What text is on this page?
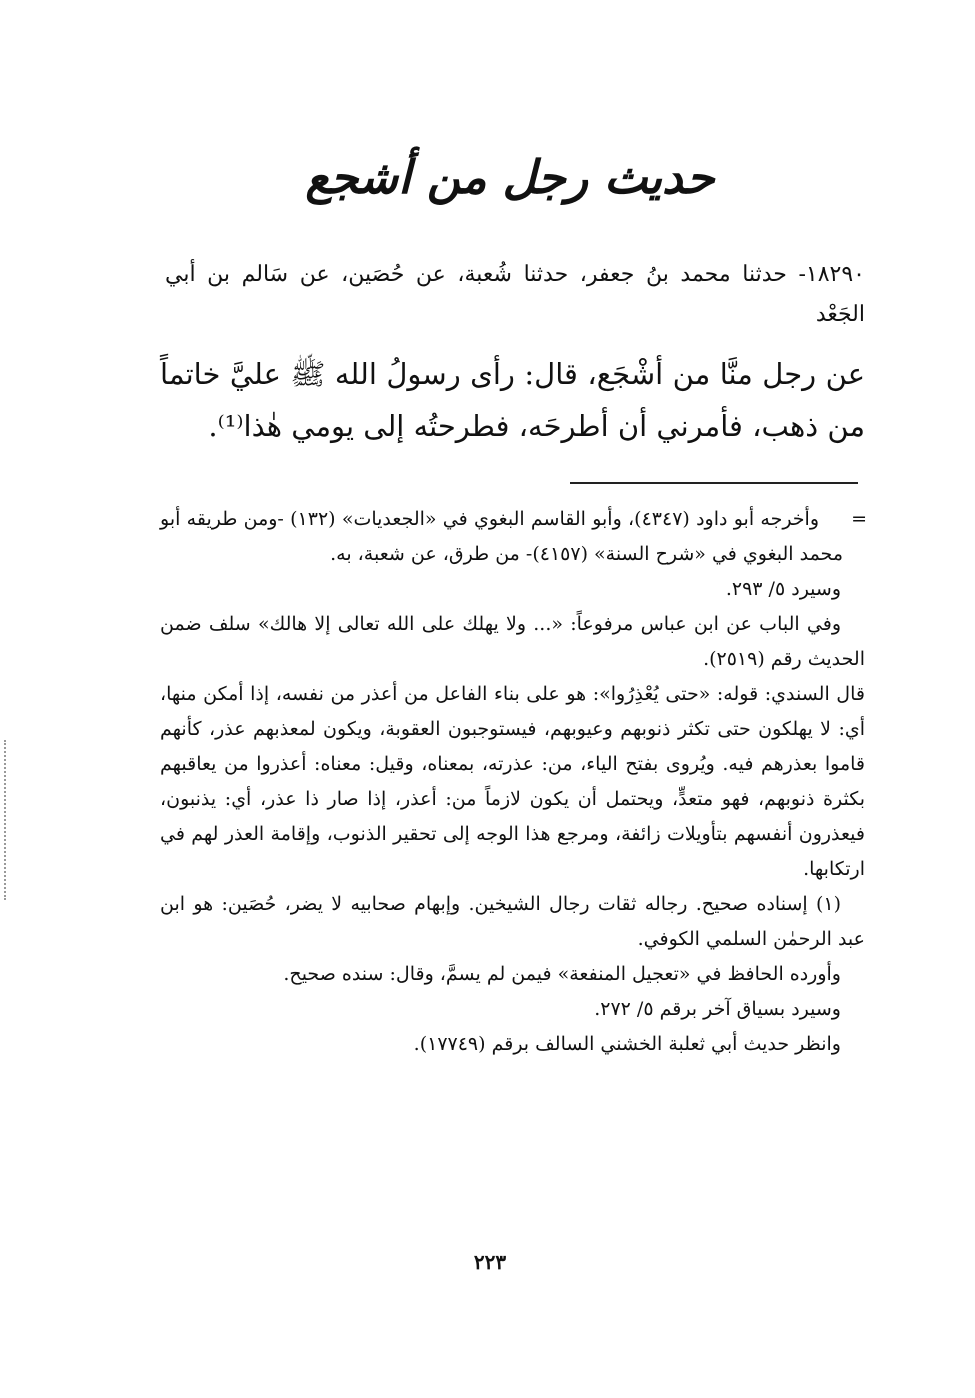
حديث رجل من أشجع
١٨٢٩٠- حدثنا محمد بنُ جعفر، حدثنا شُعبة، عن حُصَين، عن سَالم بن أبي الجَعْد
عن رجل منَّا من أشْجَع، قال: رأى رسولُ الله ﷺ عليَّ خاتماً من ذهب، فأمرني أن أطرحَه، فطرحتُه إلى يومي هٰذا⁽¹⁾.
=

وأخرجه أبو داود (٤٣٤٧)، وأبو القاسم البغوي في «الجعديات» (١٣٢) -ومن طريقه أبو محمد البغوي في «شرح السنة» (٤١٥٧)- من طرق، عن شعبة، به.

وسيرد ٥/ ٢٩٣.

وفي الباب عن ابن عباس مرفوعاً: «... ولا يهلك على الله تعالى إلا هالك» سلف ضمن الحديث رقم (٢٥١٩).

قال السندي: قوله: «حتى يُعْذِرُوا»: هو على بناء الفاعل من أعذر من نفسه، إذا أمكن منها، أي: لا يهلكون حتى تكثر ذنوبهم وعيوبهم، فيستوجبون العقوبة، ويكون لمعذبهم عذر، كأنهم قاموا بعذرهم فيه. ويُروى بفتح الياء، من: عذرته، بمعناه، وقيل: معناه: أعذروا من يعاقبهم بكثرة ذنوبهم، فهو متعدٍّ، ويحتمل أن يكون لازماً من: أعذر، إذا صار ذا عذر، أي: يذنبون، فيعذرون أنفسهم بتأويلات زائفة، ومرجع هذا الوجه إلى تحقير الذنوب، وإقامة العذر لهم في ارتكابها.

(١) إسناده صحيح. رجاله ثقات رجال الشيخين. وإبهام صحابيه لا يضر، حُصَين: هو ابن عبد الرحمٰن السلمي الكوفي.

وأورده الحافظ في «تعجيل المنفعة» فيمن لم يسمَّ، وقال: سنده صحيح.

وسيرد بسياق آخر برقم ٥/ ٢٧٢.

وانظر حديث أبي ثعلبة الخشني السالف برقم (١٧٧٤٩).

٢٢٣
